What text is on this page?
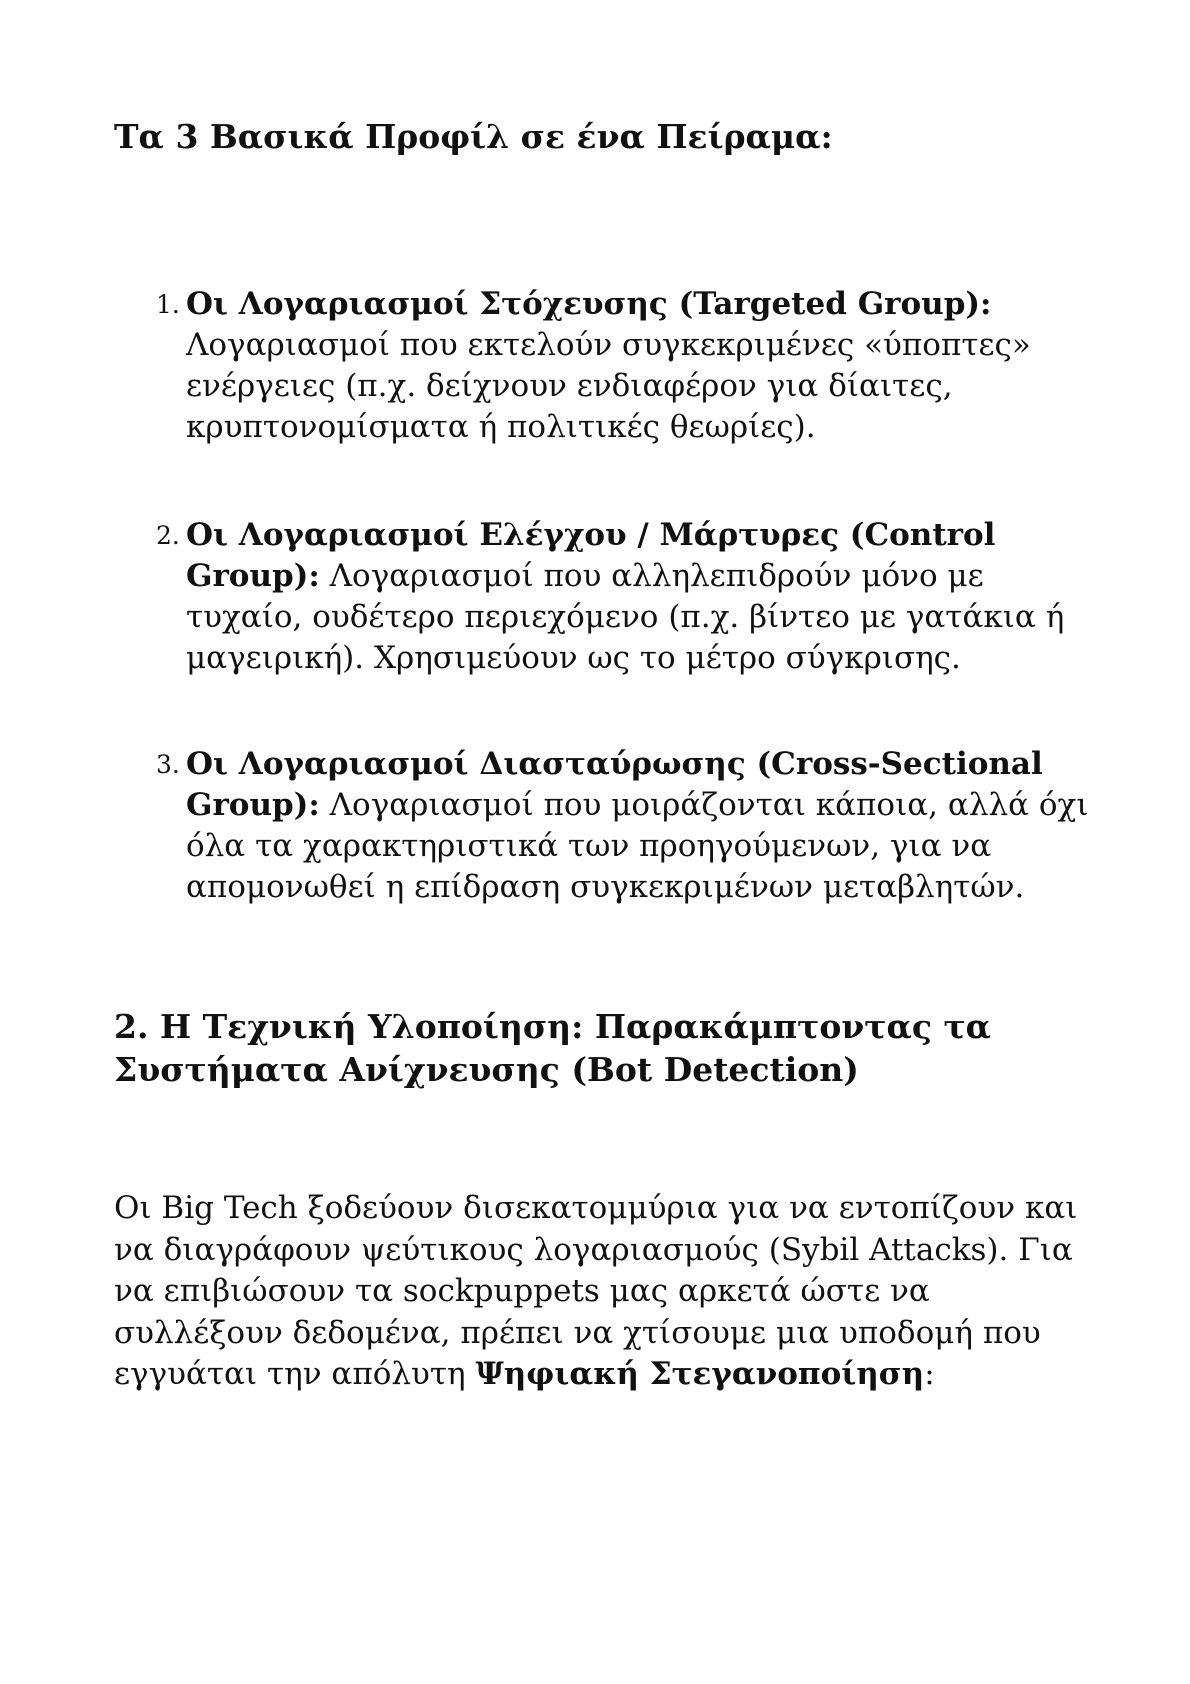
Τα 3 Βασικά Προφίλ σε ένα Πείραμα:
1. Οι Λογαριασμοί Στόχευσης (Targeted Group): Λογαριασμοί που εκτελούν συγκεκριμένες «ύποπτες» ενέργειες (π.χ. δείχνουν ενδιαφέρον για δίαιτες, κρυπτονομίσματα ή πολιτικές θεωρίες).
2. Οι Λογαριασμοί Ελέγχου / Μάρτυρες (Control Group): Λογαριασμοί που αλληλεπιδρούν μόνο με τυχαίο, ουδέτερο περιεχόμενο (π.χ. βίντεο με γατάκια ή μαγειρική). Χρησιμεύουν ως το μέτρο σύγκρισης.
3. Οι Λογαριασμοί Διασταύρωσης (Cross-Sectional Group): Λογαριασμοί που μοιράζονται κάποια, αλλά όχι όλα τα χαρακτηριστικά των προηγούμενων, για να απομονωθεί η επίδραση συγκεκριμένων μεταβλητών.
2. Η Τεχνική Υλοποίηση: Παρακάμπτοντας τα Συστήματα Ανίχνευσης (Bot Detection)

Οι Big Tech ξοδεύουν δισεκατομμύρια για να εντοπίζουν και να διαγράφουν ψεύτικους λογαριασμούς (Sybil Attacks). Για να επιβιώσουν τα sockpuppets μας αρκετά ώστε να συλλέξουν δεδομένα, πρέπει να χτίσουμε μια υποδομή που εγγυάται την απόλυτη Ψηφιακή Στεγανοποίηση:
